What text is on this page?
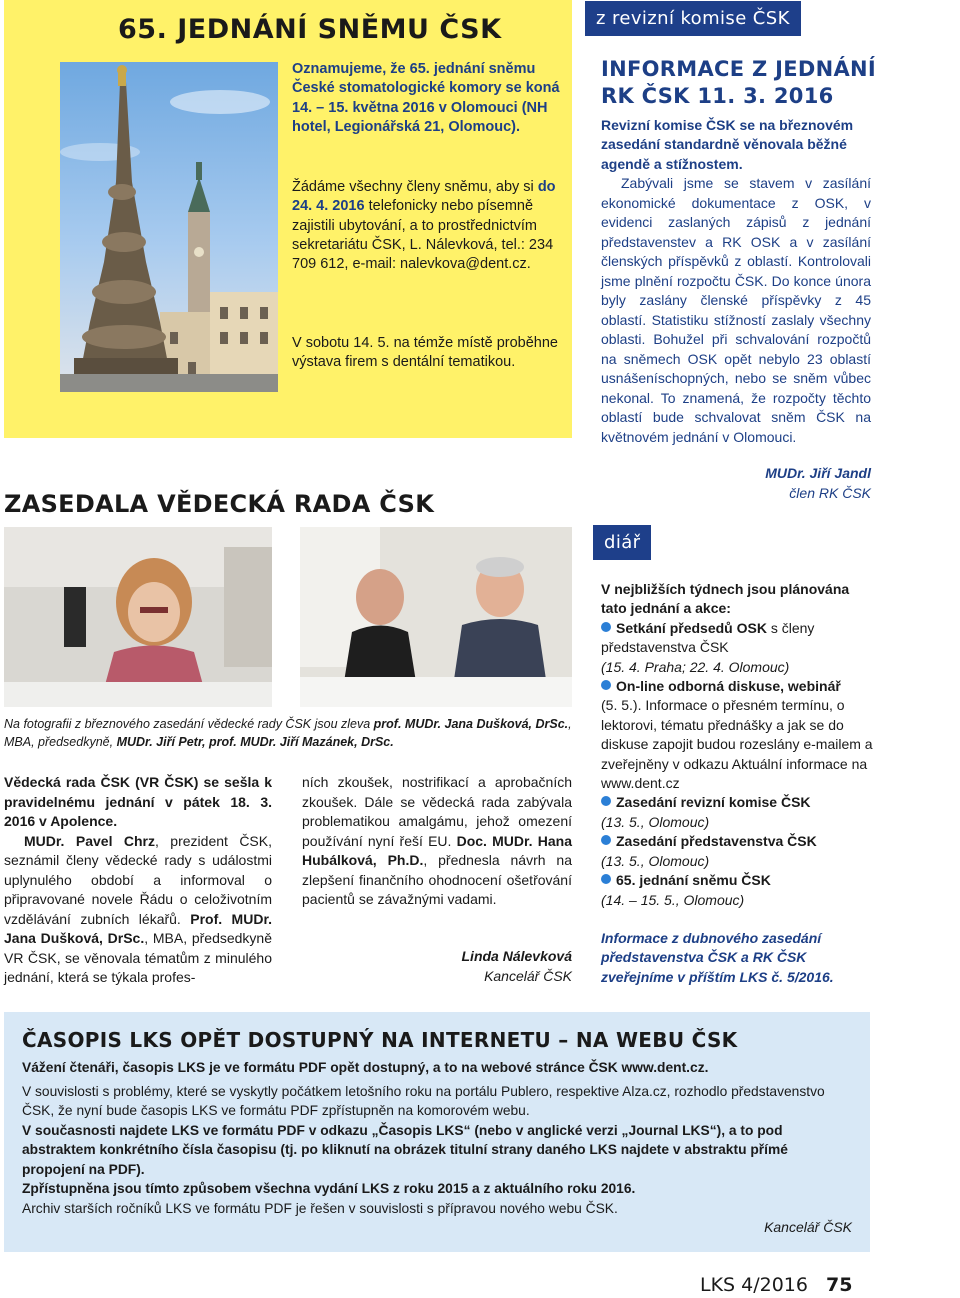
65. JEDNÁNÍ SNĚMU ČSK
Oznamujeme, že 65. jednání sněmu České stomatologické komory se koná 14. – 15. května 2016 v Olomouci (NH hotel, Legionářská 21, Olomouc).
Žádáme všechny členy sněmu, aby si do 24. 4. 2016 telefonicky nebo písemně zajistili ubytování, a to prostřednictvím sekretariátu ČSK, L. Nálevková, tel.: 234 709 612, e-mail: nalevkova@dent.cz.
V sobotu 14. 5. na témže místě proběhne výstava firem s dentální tematikou.
ZASEDALA VĚDECKÁ RADA ČSK
Na fotografii z březnového zasedání vědecké rady ČSK jsou zleva prof. MUDr. Jana Dušková, DrSc., MBA, předsedkyně, MUDr. Jiří Petr, prof. MUDr. Jiří Mazánek, DrSc.
Vědecká rada ČSK (VR ČSK) se sešla k pravidelnému jednání v pátek 18. 3. 2016 v Apolence.
MUDr. Pavel Chrz, prezident ČSK, seznámil členy vědecké rady s událostmi uplynulého období a informoval o připravované novele Řádu o celoživotním vzdělávání zubních lékařů. Prof. MUDr. Jana Dušková, DrSc., MBA, předsedkyně VR ČSK, se věnovala tématům z minulého jednání, která se týkala profes-
ních zkoušek, nostrifikací a aprobačních zkoušek. Dále se vědecká rada zabývala problematikou amalgámu, jehož omezení používání nyní řeší EU. Doc. MUDr. Hana Hubálková, Ph.D., přednesla návrh na zlepšení finančního ohodnocení ošetřování pacientů se závažnými vadami.
Linda Nálevková
Kancelář ČSK
z revizní komise ČSK
INFORMACE Z JEDNÁNÍ RK ČSK 11. 3. 2016
Revizní komise ČSK se na březnovém zasedání standardně věnovala běžné agendě a stížnostem.

Zabývali jsme se stavem v zasílání ekonomické dokumentace z OSK, v evidenci zaslaných zápisů z jednání představenstev a RK OSK a v zasílání členských příspěvků z oblastí. Kontrolovali jsme plnění rozpočtu ČSK. Do konce února byly zaslány členské příspěvky z 45 oblastí. Statistiku stížností zaslaly všechny oblasti. Bohužel při schvalování rozpočtů na sněmech OSK opět nebylo 23 oblastí usnášeníschopných, nebo se sněm vůbec nekonal. To znamená, že rozpočty těchto oblastí bude schvalovat sněm ČSK na květnovém jednání v Olomouci.

MUDr. Jiří Jandl
člen RK ČSK
diář
V nejbližších týdnech jsou plánována tato jednání a akce:
Setkání předsedů OSK s členy představenstva ČSK
(15. 4. Praha; 22. 4. Olomouc)
On-line odborná diskuse, webinář
(5. 5.). Informace o přesném termínu, o lektorovi, tématu přednášky a jak se do diskuse zapojit budou rozeslány e-mailem a zveřejněny v odkazu Aktuální informace na www.dent.cz
Zasedání revizní komise ČSK
(13. 5., Olomouc)
Zasedání představenstva ČSK
(13. 5., Olomouc)
65. jednání sněmu ČSK
(14. – 15. 5., Olomouc)
Informace z dubnového zasedání představenstva ČSK a RK ČSK zveřejníme v příštím LKS č. 5/2016.
ČASOPIS LKS OPĚT DOSTUPNÝ NA INTERNETU – NA WEBU ČSK

Vážení čtenáři, časopis LKS je ve formátu PDF opět dostupný, a to na webové stránce ČSK www.dent.cz.

V souvislosti s problémy, které se vyskytly počátkem letošního roku na portálu Publero, respektive Alza.cz, rozhodlo představenstvo ČSK, že nyní bude časopis LKS ve formátu PDF zpřístupněn na komorovém webu.

V současnosti najdete LKS ve formátu PDF v odkazu „Časopis LKS“ (nebo v anglické verzi „Journal LKS“), a to pod abstraktem konkrétního čísla časopisu (tj. po kliknutí na obrázek titulní strany daného LKS najdete v abstraktu přímé propojení na PDF).

Zpřístupněna jsou tímto způsobem všechna vydání LKS z roku 2015 a z aktuálního roku 2016.

Archiv starších ročníků LKS ve formátu PDF je řešen v souvislosti s přípravou nového webu ČSK.

Kancelář ČSK
LKS 4/2016 75
